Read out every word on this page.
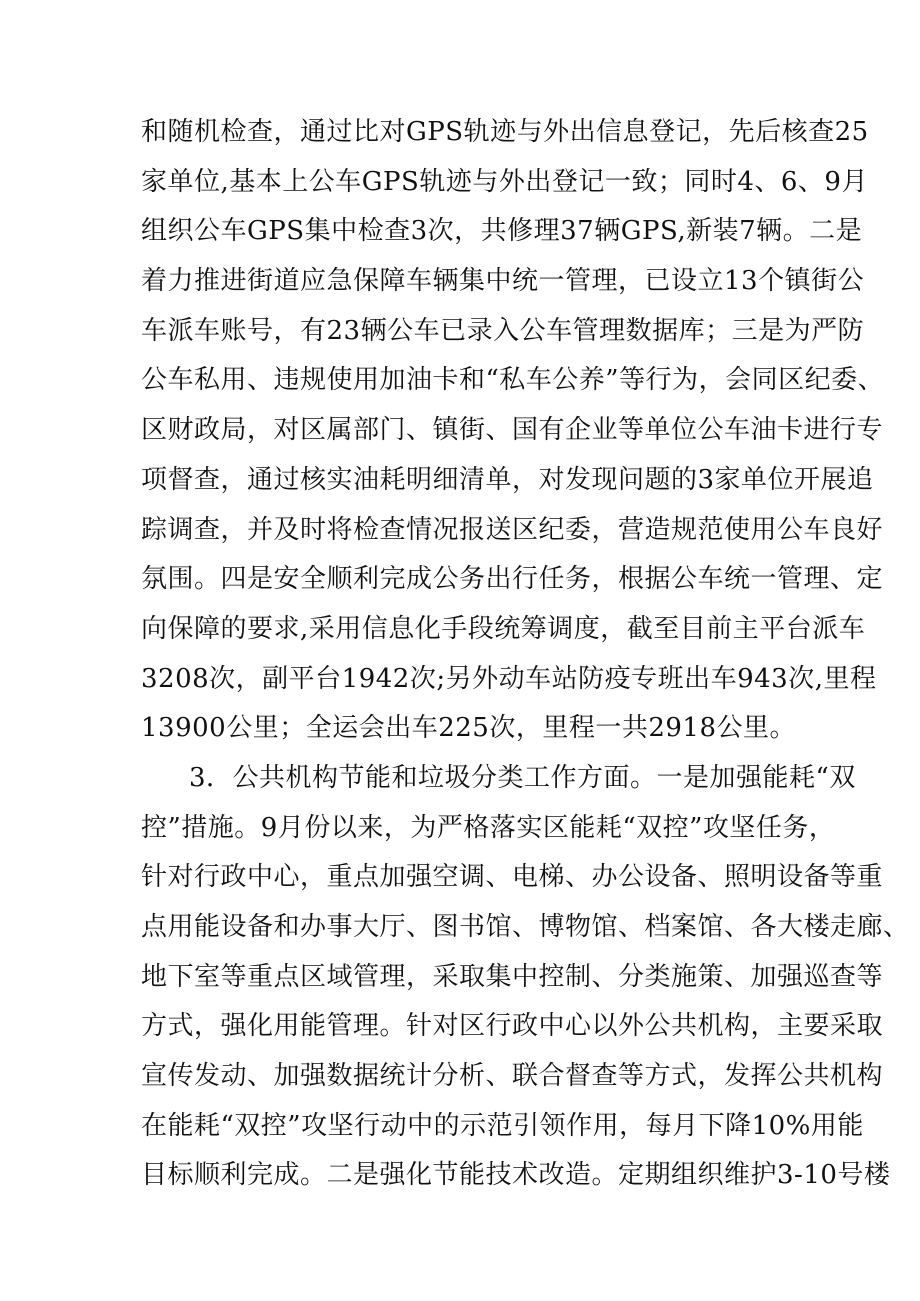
和随机检查，通过比对GPS轨迹与外出信息登记，先后核查25
家单位,基本上公车GPS轨迹与外出登记一致；同时4、6、9月
组织公车GPS集中检查3次，共修理37辆GPS,新装7辆。二是
着力推进街道应急保障车辆集中统一管理，已设立13个镇街公
车派车账号，有23辆公车已录入公车管理数据库；三是为严防
公车私用、违规使用加油卡和“私车公养”等行为，会同区纪委、
区财政局，对区属部门、镇街、国有企业等单位公车油卡进行专
项督查，通过核实油耗明细清单，对发现问题的3家单位开展追
踪调查，并及时将检查情况报送区纪委，营造规范使用公车良好
氛围。四是安全顺利完成公务出行任务，根据公车统一管理、定
向保障的要求,采用信息化手段统筹调度，截至目前主平台派车
3208次，副平台1942次;另外动车站防疫专班出车943次,里程
13900公里；全运会出车225次，里程一共2918公里。
3．公共机构节能和垃圾分类工作方面。一是加强能耗“双
控”措施。9月份以来，为严格落实区能耗“双控”攻坚任务，
针对行政中心，重点加强空调、电梯、办公设备、照明设备等重
点用能设备和办事大厅、图书馆、博物馆、档案馆、各大楼走廊、
地下室等重点区域管理，采取集中控制、分类施策、加强巡查等
方式，强化用能管理。针对区行政中心以外公共机构，主要采取
宣传发动、加强数据统计分析、联合督查等方式，发挥公共机构
在能耗“双控”攻坚行动中的示范引领作用，每月下降10%用能
目标顺利完成。二是强化节能技术改造。定期组织维护3-10号楼
